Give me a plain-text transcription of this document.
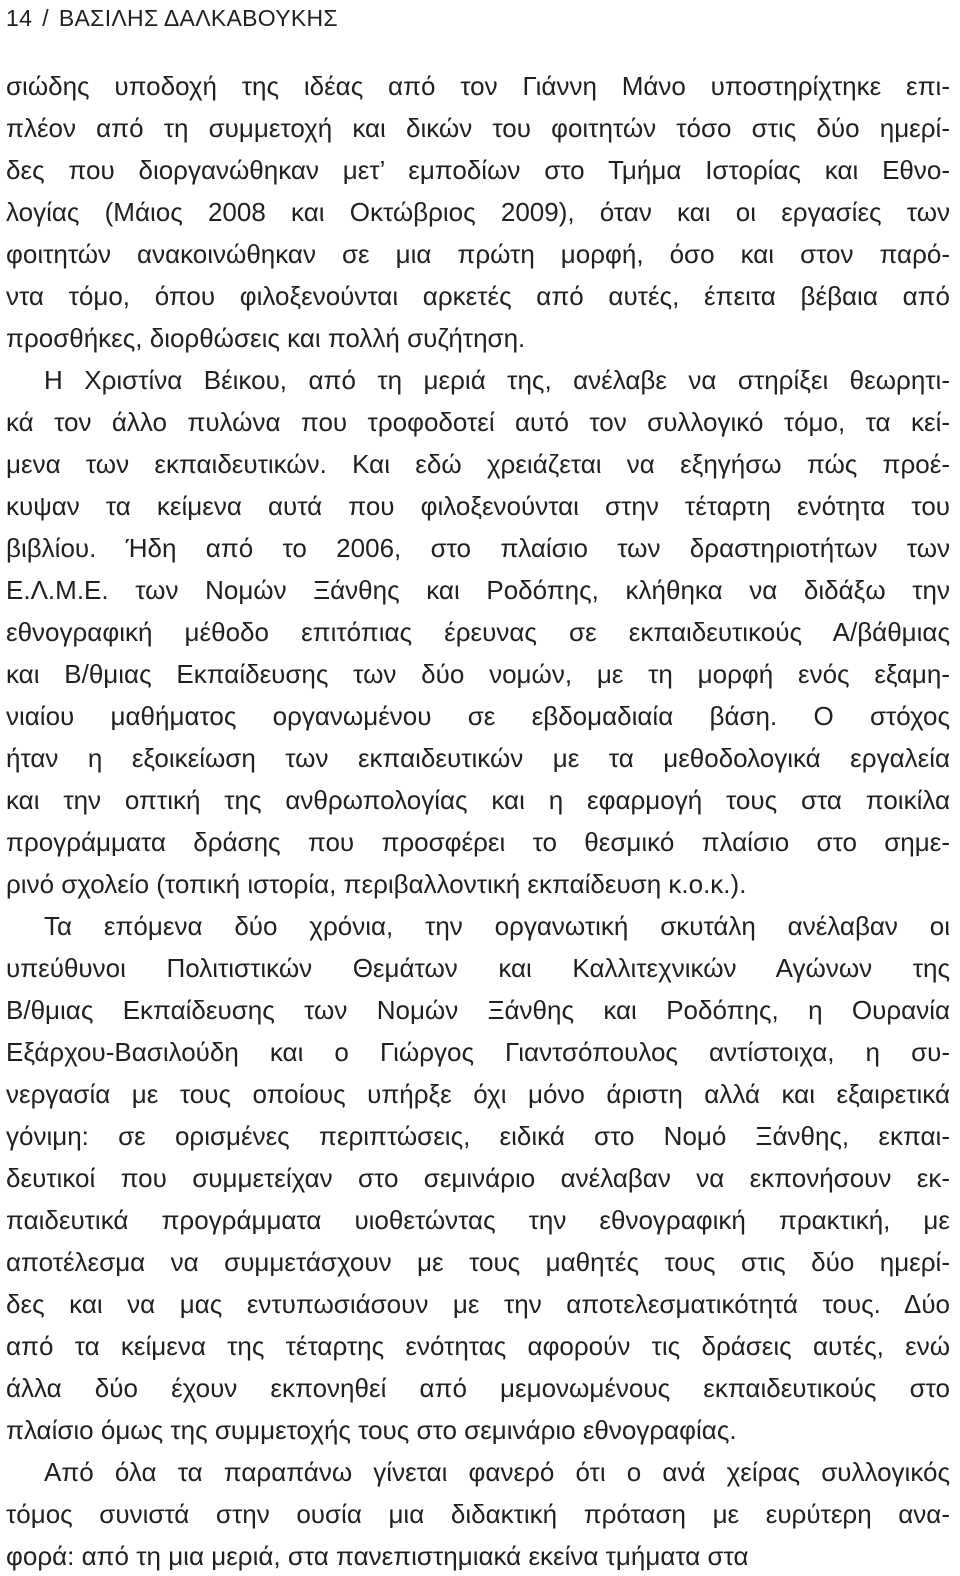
14 / ΒΑΣΙΛΗΣ ΔΑΛΚΑΒΟΥΚΗΣ
σιώδης υποδοχή της ιδέας από τον Γιάννη Μάνο υποστηρίχτηκε επι-
πλέον από τη συμμετοχή και δικών του φοιτητών τόσο στις δύο ημερί-
δες που διοργανώθηκαν μετ’ εμποδίων στο Τμήμα Ιστορίας και Εθνο-
λογίας (Μάιος 2008 και Οκτώβριος 2009), όταν και οι εργασίες των
φοιτητών ανακοινώθηκαν σε μια πρώτη μορφή, όσο και στον παρό-
ντα τόμο, όπου φιλοξενούνται αρκετές από αυτές, έπειτα βέβαια από
προσθήκες, διορθώσεις και πολλή συζήτηση.
Η Χριστίνα Βέικου, από τη μεριά της, ανέλαβε να στηρίξει θεωρητι-
κά τον άλλο πυλώνα που τροφοδοτεί αυτό τον συλλογικό τόμο, τα κεί-
μενα των εκπαιδευτικών. Και εδώ χρειάζεται να εξηγήσω πώς προέ-
κυψαν τα κείμενα αυτά που φιλοξενούνται στην τέταρτη ενότητα του
βιβλίου. Ήδη από το 2006, στο πλαίσιο των δραστηριοτήτων των
Ε.Λ.Μ.Ε. των Νομών Ξάνθης και Ροδόπης, κλήθηκα να διδάξω την
εθνογραφική μέθοδο επιτόπιας έρευνας σε εκπαιδευτικούς Α/βάθμιας
και Β/θμιας Εκπαίδευσης των δύο νομών, με τη μορφή ενός εξαμη-
νιαίου μαθήματος οργανωμένου σε εβδομαδιαία βάση. Ο στόχος
ήταν η εξοικείωση των εκπαιδευτικών με τα μεθοδολογικά εργαλεία
και την οπτική της ανθρωπολογίας και η εφαρμογή τους στα ποικίλα
προγράμματα δράσης που προσφέρει το θεσμικό πλαίσιο στο σημε-
ρινό σχολείο (τοπική ιστορία, περιβαλλοντική εκπαίδευση κ.ο.κ.).
Τα επόμενα δύο χρόνια, την οργανωτική σκυτάλη ανέλαβαν οι
υπεύθυνοι Πολιτιστικών Θεμάτων και Καλλιτεχνικών Αγώνων της
Β/θμιας Εκπαίδευσης των Νομών Ξάνθης και Ροδόπης, η Ουρανία
Εξάρχου-Βασιλούδη και ο Γιώργος Γιαντσόπουλος αντίστοιχα, η συ-
νεργασία με τους οποίους υπήρξε όχι μόνο άριστη αλλά και εξαιρετικά
γόνιμη: σε ορισμένες περιπτώσεις, ειδικά στο Νομό Ξάνθης, εκπαι-
δευτικοί που συμμετείχαν στο σεμινάριο ανέλαβαν να εκπονήσουν εκ-
παιδευτικά προγράμματα υιοθετώντας την εθνογραφική πρακτική, με
αποτέλεσμα να συμμετάσχουν με τους μαθητές τους στις δύο ημερί-
δες και να μας εντυπωσιάσουν με την αποτελεσματικότητά τους. Δύο
από τα κείμενα της τέταρτης ενότητας αφορούν τις δράσεις αυτές, ενώ
άλλα δύο έχουν εκπονηθεί από μεμονωμένους εκπαιδευτικούς στο
πλαίσιο όμως της συμμετοχής τους στο σεμινάριο εθνογραφίας.
Από όλα τα παραπάνω γίνεται φανερό ότι ο ανά χείρας συλλογικός
τόμος συνιστά στην ουσία μια διδακτική πρόταση με ευρύτερη ανα-
φορά: από τη μια μεριά, στα πανεπιστημιακά εκείνα τμήματα στα
